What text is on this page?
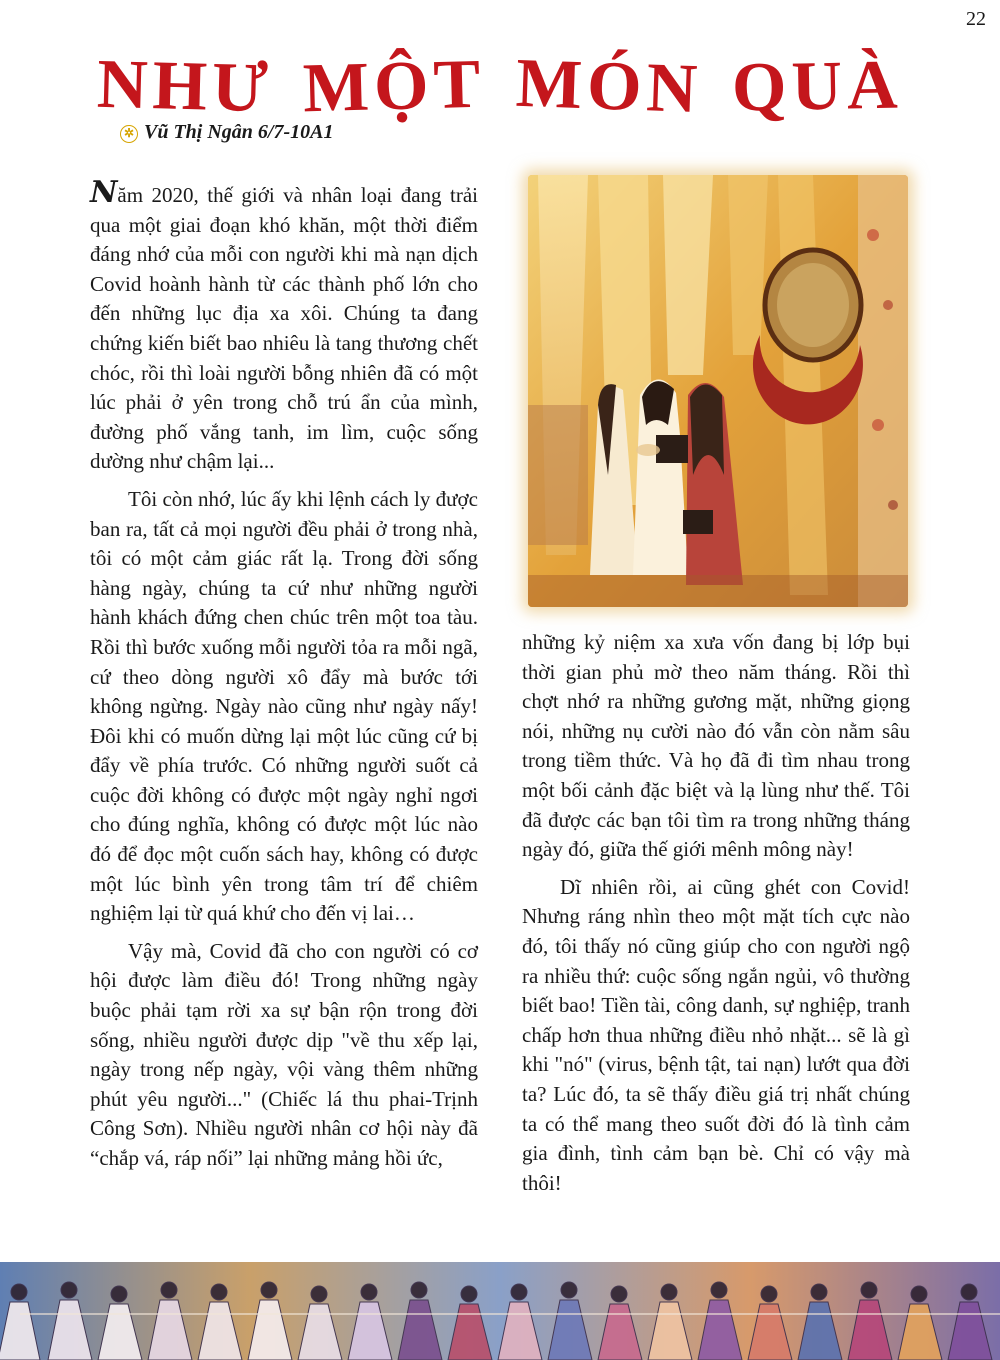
22
NHƯ MỘT MÓN QUÀ
✲ Vũ Thị Ngân 6/7-10A1

Năm 2020, thế giới và nhân loại đang trải qua một giai đoạn khó khăn, một thời điểm đáng nhớ của mỗi con người khi mà nạn dịch Covid hoành hành từ các thành phố lớn cho đến những lục địa xa xôi. Chúng ta đang chứng kiến biết bao nhiêu là tang thương chết chóc, rồi thì loài người bỗng nhiên đã có một lúc phải ở yên trong chỗ trú ẩn của mình, đường phố vắng tanh, im lìm, cuộc sống dường như chậm lại...

Tôi còn nhớ, lúc ấy khi lệnh cách ly được ban ra, tất cả mọi người đều phải ở trong nhà, tôi có một cảm giác rất lạ. Trong đời sống hàng ngày, chúng ta cứ như những người hành khách đứng chen chúc trên một toa tàu. Rồi thì bước xuống mỗi người tỏa ra mỗi ngã, cứ theo dòng người xô đẩy mà bước tới không ngừng. Ngày nào cũng như ngày nấy! Đôi khi có muốn dừng lại một lúc cũng cứ bị đẩy về phía trước. Có những người suốt cả cuộc đời không có được một ngày nghỉ ngơi cho đúng nghĩa, không có được một lúc nào đó để đọc một cuốn sách hay, không có được một lúc bình yên trong tâm trí để chiêm nghiệm lại từ quá khứ cho đến vị lai…

Vậy mà, Covid đã cho con người có cơ hội được làm điều đó! Trong những ngày buộc phải tạm rời xa sự bận rộn trong đời sống, nhiều người được dịp "về thu xếp lại, ngày trong nếp ngày, vội vàng thêm những phút yêu người..." (Chiếc lá thu phai-Trịnh Công Sơn). Nhiều người nhân cơ hội này đã “chắp vá, ráp nối” lại những mảng hồi ức,

những kỷ niệm xa xưa vốn đang bị lớp bụi thời gian phủ mờ theo năm tháng. Rồi thì chợt nhớ ra những gương mặt, những giọng nói, những nụ cười nào đó vẫn còn nằm sâu trong tiềm thức. Và họ đã đi tìm nhau trong một bối cảnh đặc biệt và lạ lùng như thế. Tôi đã được các bạn tôi tìm ra trong những tháng ngày đó, giữa thế giới mênh mông này!

Dĩ nhiên rồi, ai cũng ghét con Covid! Nhưng ráng nhìn theo một mặt tích cực nào đó, tôi thấy nó cũng giúp cho con người ngộ ra nhiều thứ: cuộc sống ngắn ngủi, vô thường biết bao! Tiền tài, công danh, sự nghiệp, tranh chấp hơn thua những điều nhỏ nhặt... sẽ là gì khi "nó" (virus, bệnh tật, tai nạn) lướt qua đời ta? Lúc đó, ta sẽ thấy điều giá trị nhất chúng ta có thể mang theo suốt đời đó là tình cảm gia đình, tình cảm bạn bè. Chỉ có vậy mà thôi!
